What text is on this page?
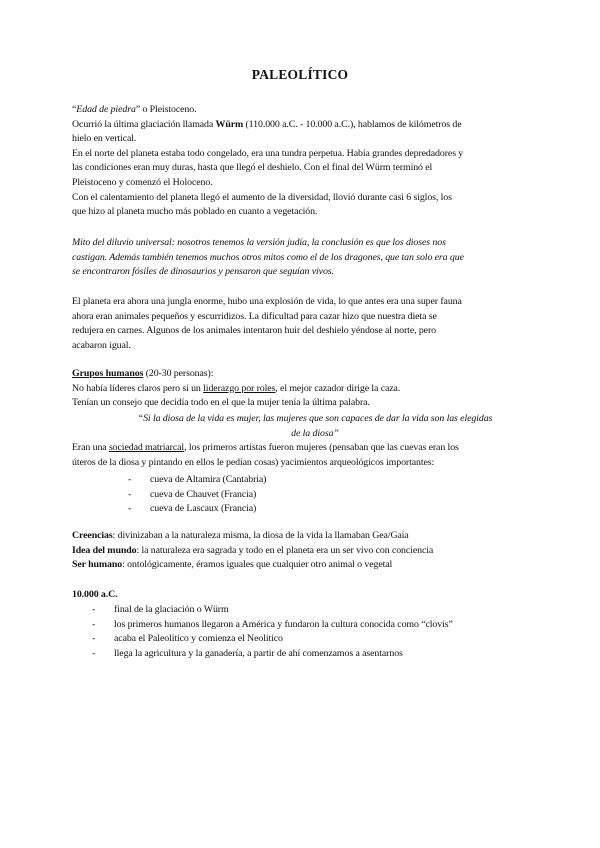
PALEOLÍTICO
“Edad de piedra” o Pleistoceno.
Ocurrió la última glaciación llamada Würm (110.000 a.C. - 10.000 a.C.), hablamos de kilómetros de
hielo en vertical.
En el norte del planeta estaba todo congelado, era una tundra perpetua. Había grandes depredadores y
las condiciones eran muy duras, hasta que llegó el deshielo. Con el final del Würm terminó el
Pleistoceno y comenzó el Holoceno.
Con el calentamiento del planeta llegó el aumento de la diversidad, llovió durante casi 6 siglos, los
que hizo al planeta mucho más poblado en cuanto a vegetación.
Mito del diluvio universal: nosotros tenemos la versión judía, la conclusión es que los dioses nos
castigan. Además también tenemos muchos otros mitos como el de los dragones, que tan solo era que
se encontraron fósiles de dinosaurios y pensaron que seguían vivos.
El planeta era ahora una jungla enorme, hubo una explosión de vida, lo que antes era una super fauna
ahora eran animales pequeños y escurridizos. La dificultad para cazar hizo que nuestra dieta se
redujera en carnes. Algunos de los animales intentaron huir del deshielo yéndose al norte, pero
acabaron igual.
Grupos humanos (20-30 personas):
No había líderes claros pero sí un liderazgo por roles, el mejor cazador dirige la caza.
Tenían un consejo que decidía todo en el que la mujer tenía la última palabra.
“Si la diosa de la vida es mujer, las mujeres que son capaces de dar la vida son las elegidas
de la diosa”
Eran una sociedad matriarcal, los primeros artistas fueron mujeres (pensaban que las cuevas eran los
úteros de la diosa y pintando en ellos le pedían cosas) yacimientos arqueológicos importantes:
- cueva de Altamira (Cantabria)
- cueva de Chauvet (Francia)
- cueva de Lascaux (Francia)
Creencias: divinizaban a la naturaleza misma, la diosa de la vida la llamaban Gea/Gaia
Idea del mundo: la naturaleza era sagrada y todo en el planeta era un ser vivo con conciencia
Ser humano: ontológicamente, éramos iguales que cualquier otro animal o vegetal
10.000 a.C.
- final de la glaciación o Würm
- los primeros humanos llegaron a América y fundaron la cultura conocida como “clovis”
- acaba el Paleolítico y comienza el Neolítico
- llega la agricultura y la ganadería, a partir de ahí comenzamos a asentarnos
